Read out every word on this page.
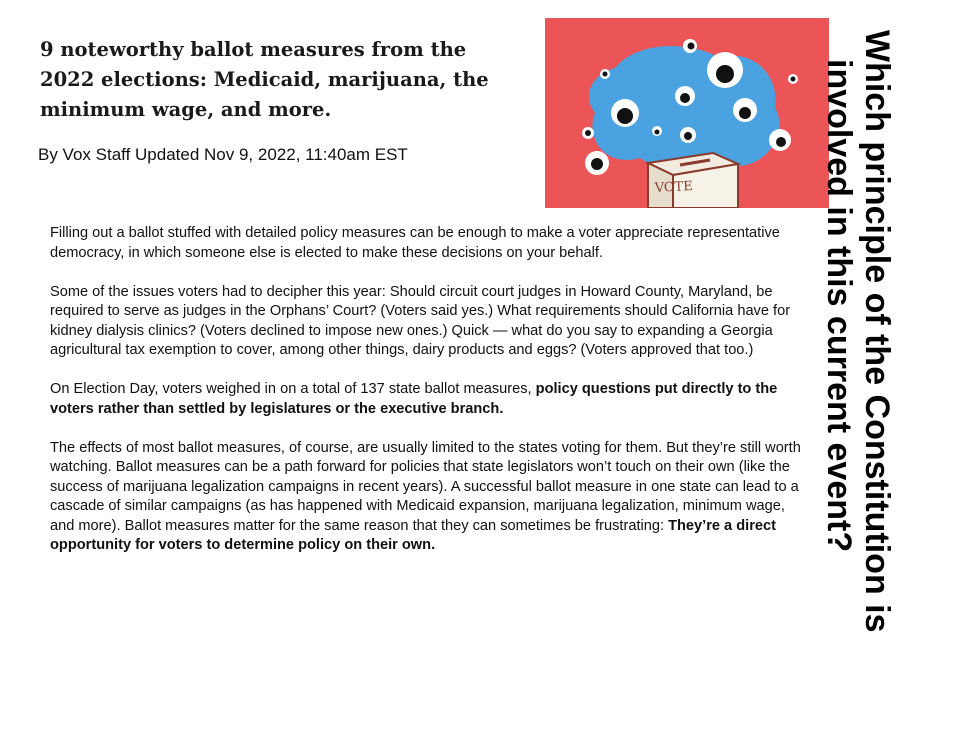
9 noteworthy ballot measures from the
2022 elections: Medicaid, marijuana, the
minimum wage, and more.
By Vox Staff Updated Nov 9, 2022, 11:40am EST
VOTE

Filling out a ballot stuffed with detailed policy measures can be enough to make a voter appreciate representative democracy, in which someone else is elected to make these decisions on your behalf.

Some of the issues voters had to decipher this year: Should circuit court judges in Howard County, Maryland, be required to serve as judges in the Orphans’ Court? (Voters said yes.) What requirements should California have for kidney dialysis clinics? (Voters declined to impose new ones.) Quick — what do you say to expanding a Georgia agricultural tax exemption to cover, among other things, dairy products and eggs? (Voters approved that too.)

On Election Day, voters weighed in on a total of 137 state ballot measures, policy questions put directly to the voters rather than settled by legislatures or the executive branch.

The effects of most ballot measures, of course, are usually limited to the states voting for them. But they’re still worth watching. Ballot measures can be a path forward for policies that state legislators won’t touch on their own (like the success of marijuana legalization campaigns in recent years). A successful ballot measure in one state can lead to a cascade of similar campaigns (as has happened with Medicaid expansion, marijuana legalization, minimum wage, and more). Ballot measures matter for the same reason that they can sometimes be frustrating: They’re a direct opportunity for voters to determine policy on their own.	Which principle of the Constitution is
involved in this current event?
